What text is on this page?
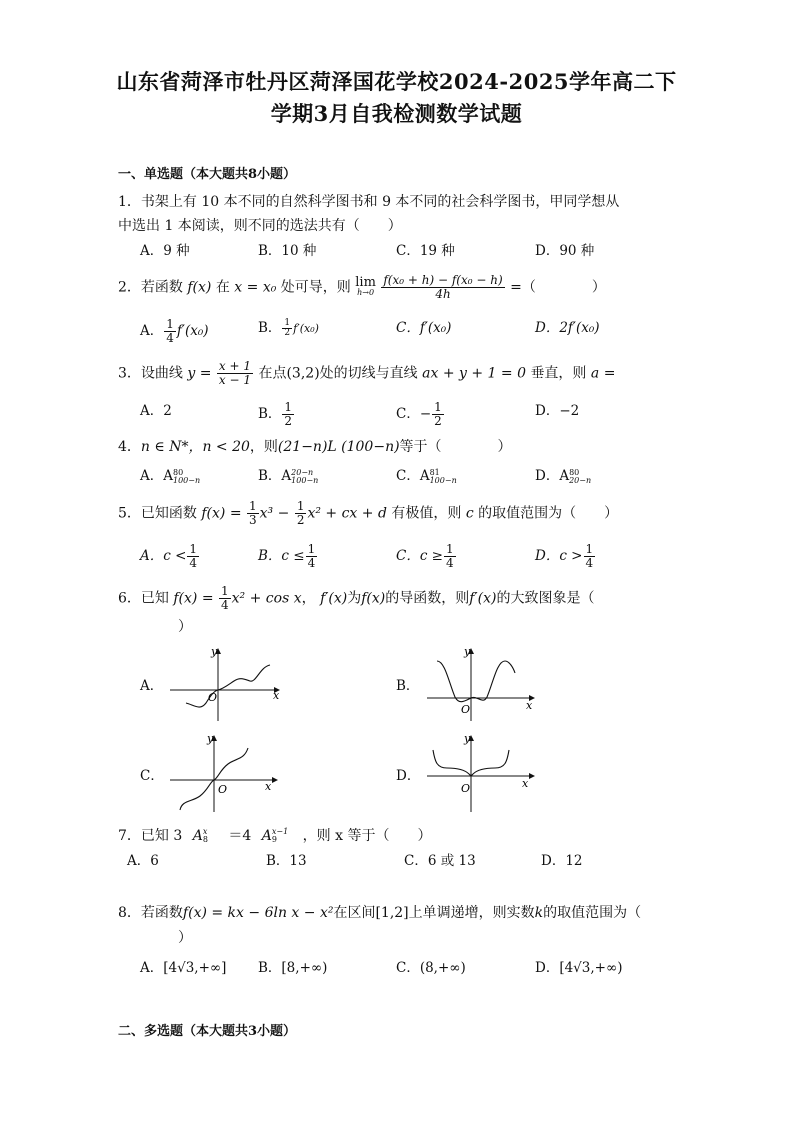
山东省菏泽市牡丹区菏泽国花学校2024-2025学年高二下
学期3月自我检测数学试题
一、单选题（本大题共8小题）
1．书架上有 10 本不同的自然科学图书和 9 本不同的社会科学图书，甲同学想从
中选出 1 本阅读，则不同的选法共有（　　）
A．9 种	B．10 种	C．19 种	D．90 种
2．若函数 f(x) 在 x = x₀ 处可导，则 lim
h→0
$\frac{\text{f(x₀ + h) − f(x₀ − h)}}{4h}$ =（　　　　）
A． $\frac{1}{4} f'(x_0)$	B． $\frac{1}{2} f'(x_0)$	C．f′(x₀)	D．2f′(x₀)
3．设曲线 $y = \frac{x + 1}{x - 1}$ 在点(3,2)处的切线与直线 ax + y + 1 = 0 垂直，则 a =
A．2	B． $\frac{1}{2}$	C．− $\frac{1}{2}$	D．−2
4．n ∈ N*，n < 20，则(21−n)L (100−n)等于（　　　　）
A．A 80
100−n	B．A 20−n
100−n	C．A 81
100−n	D．A 80
20−n
5．已知函数 $f(x) = \frac{1}{3} x^3 - \frac{1}{2} x^2$ + cx + d 有极值，则 c 的取值范围为（　　）
A．$c < \frac{1}{4}$	B．$c \le \frac{1}{4}$	C．$c \ge \frac{1}{4}$	D．$c > \frac{1}{4}$
6．已知 $f(x) = \frac{1}{4} x^2 + \cos x$， f′(x)为f(x)的导函数，则f′(x)的大致图象是（
）
A．	B．
C．	D．
x
y
O
x
y
O
x
y
O	x
y
O
7．已知 3 A x
8 ＝4 A x−1
9	，则 x 等于（　　）
A．6	B．13	C．6 或 13	D．12
8．若函数f(x) = kx − 6ln x − x²在区间[1,2]上单调递增，则实数k的取值范围为（
）
A．[4√3,+∞] B．[8,+∞)	C．(8,+∞)	D．[4√3,+∞)
二、多选题（本大题共3小题）
